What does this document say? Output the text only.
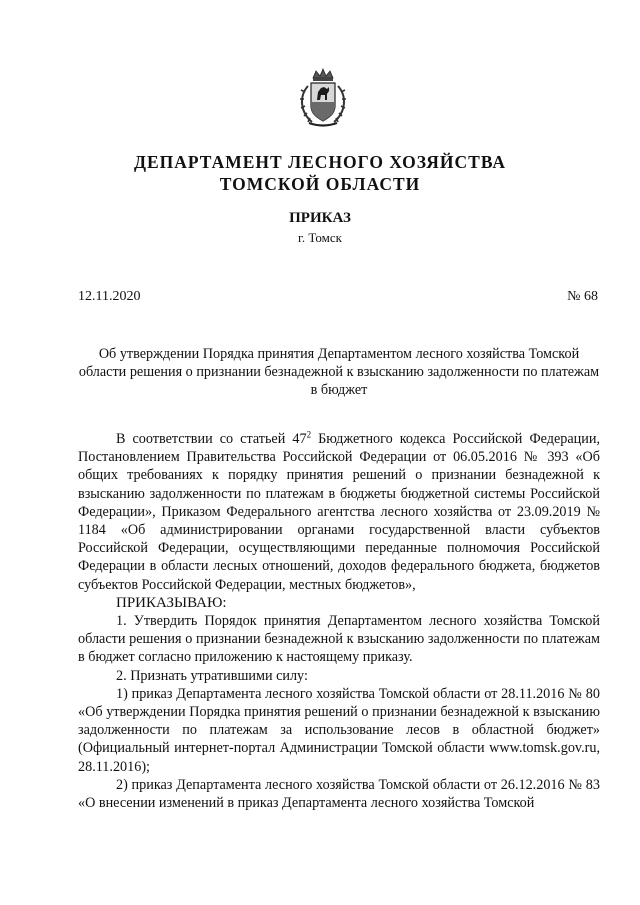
ДЕПАРТАМЕНТ ЛЕСНОГО ХОЗЯЙСТВА
ТОМСКОЙ ОБЛАСТИ
ПРИКАЗ
г. Томск
12.11.2020	№ 68
Об утверждении Порядка принятия Департаментом лесного хозяйства Томской области решения о признании безнадежной к взысканию задолженности по платежам в бюджет

В соответствии со статьей $47^2$ Бюджетного кодекса Российской Федерации, Постановлением Правительства Российской Федерации от 06.05.2016 № 393 «Об общих требованиях к порядку принятия решений о признании безнадежной к взысканию задолженности по платежам в бюджеты бюджетной системы Российской Федерации», Приказом Федерального агентства лесного хозяйства от 23.09.2019 № 1184 «Об администрировании органами государственной власти субъектов Российской Федерации, осуществляющими переданные полномочия Российской Федерации в области лесных отношений, доходов федерального бюджета, бюджетов субъектов Российской Федерации, местных бюджетов»,

ПРИКАЗЫВАЮ:

1. Утвердить Порядок принятия Департаментом лесного хозяйства Томской области решения о признании безнадежной к взысканию задолженности по платежам в бюджет согласно приложению к настоящему приказу.

2. Признать утратившими силу:

1) приказ Департамента лесного хозяйства Томской области от 28.11.2016 № 80 «Об утверждении Порядка принятия решений о признании безнадежной к взысканию задолженности по платежам за использование лесов в областной бюджет» (Официальный интернет-портал Администрации Томской области www.tomsk.gov.ru, 28.11.2016);

2) приказ Департамента лесного хозяйства Томской области от 26.12.2016 № 83 «О внесении изменений в приказ Департамента лесного хозяйства Томской
